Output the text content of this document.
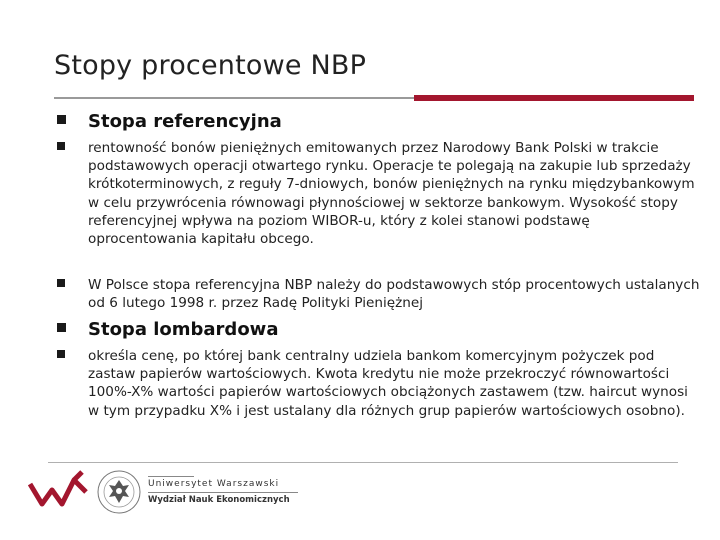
Stopy procentowe NBP
Stopa referencyjna
rentowność bonów pieniężnych emitowanych przez Narodowy Bank Polski w trakcie podstawowych operacji otwartego rynku. Operacje te polegają na zakupie lub sprzedaży krótkoterminowych, z reguły 7-dniowych, bonów pieniężnych na rynku międzybankowym w celu przywrócenia równowagi płynnościowej w sektorze bankowym. Wysokość stopy referencyjnej wpływa na poziom WIBOR-u, który z kolei stanowi podstawę oprocentowania kapitału obcego.
W Polsce stopa referencyjna NBP należy do podstawowych stóp procentowych ustalanych od 6 lutego 1998 r. przez Radę Polityki Pieniężnej
Stopa lombardowa
określa cenę, po której bank centralny udziela bankom komercyjnym pożyczek pod zastaw papierów wartościowych. Kwota kredytu nie może przekroczyć równowartości 100%-X% wartości papierów wartościowych obciążonych zastawem (tzw. haircut wynosi w tym przypadku X% i jest ustalany dla różnych grup papierów wartościowych osobno).
Uniwersytet Warszawski
Wydział Nauk Ekonomicznych
